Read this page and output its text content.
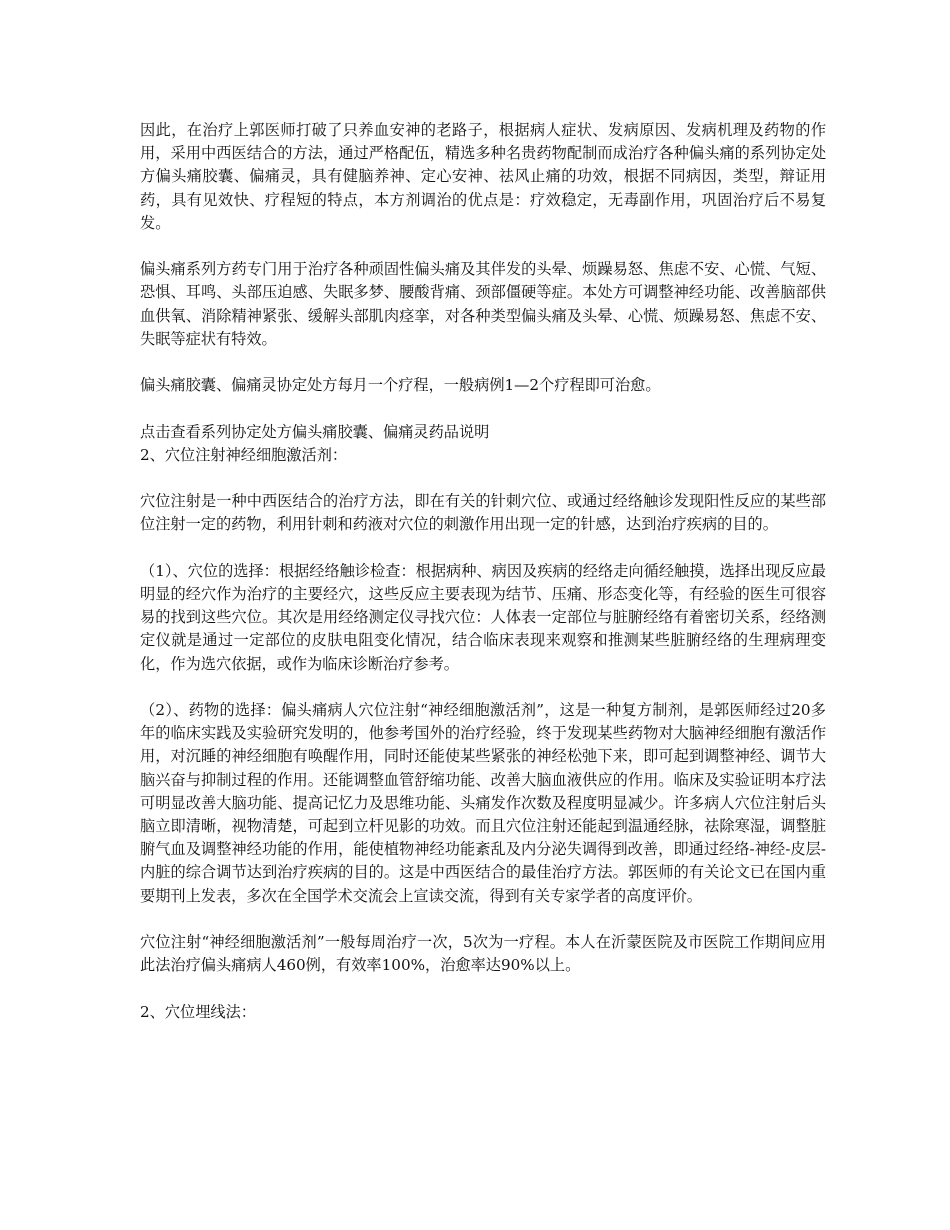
因此，在治疗上郭医师打破了只养血安神的老路子，根据病人症状、发病原因、发病机理及药物的作用，采用中西医结合的方法，通过严格配伍，精选多种名贵药物配制而成治疗各种偏头痛的系列协定处方偏头痛胶囊、偏痛灵，具有健脑养神、定心安神、祛风止痛的功效，根据不同病因，类型，辩证用药，具有见效快、疗程短的特点，本方剂调治的优点是：疗效稳定，无毒副作用，巩固治疗后不易复发。

偏头痛系列方药专门用于治疗各种顽固性偏头痛及其伴发的头晕、烦躁易怒、焦虑不安、心慌、气短、恐惧、耳鸣、头部压迫感、失眠多梦、腰酸背痛、颈部僵硬等症。本处方可调整神经功能、改善脑部供血供氧、消除精神紧张、缓解头部肌肉痉挛，对各种类型偏头痛及头晕、心慌、烦躁易怒、焦虑不安、失眠等症状有特效。

偏头痛胶囊、偏痛灵协定处方每月一个疗程，一般病例1—2个疗程即可治愈。

点击查看系列协定处方偏头痛胶囊、偏痛灵药品说明

2、穴位注射神经细胞激活剂：

穴位注射是一种中西医结合的治疗方法，即在有关的针刺穴位、或通过经络触诊发现阳性反应的某些部位注射一定的药物，利用针刺和药液对穴位的刺激作用出现一定的针感，达到治疗疾病的目的。

（1）、穴位的选择：根据经络触诊检查：根据病种、病因及疾病的经络走向循经触摸，选择出现反应最明显的经穴作为治疗的主要经穴，这些反应主要表现为结节、压痛、形态变化等，有经验的医生可很容易的找到这些穴位。其次是用经络测定仪寻找穴位：人体表一定部位与脏腑经络有着密切关系，经络测定仪就是通过一定部位的皮肤电阻变化情况，结合临床表现来观察和推测某些脏腑经络的生理病理变化，作为选穴依据，或作为临床诊断治疗参考。

（2）、药物的选择：偏头痛病人穴位注射“神经细胞激活剂”，这是一种复方制剂，是郭医师经过20多年的临床实践及实验研究发明的，他参考国外的治疗经验，终于发现某些药物对大脑神经细胞有激活作用，对沉睡的神经细胞有唤醒作用，同时还能使某些紧张的神经松弛下来，即可起到调整神经、调节大脑兴奋与抑制过程的作用。还能调整血管舒缩功能、改善大脑血液供应的作用。临床及实验证明本疗法可明显改善大脑功能、提高记忆力及思维功能、头痛发作次数及程度明显减少。许多病人穴位注射后头脑立即清晰，视物清楚，可起到立杆见影的功效。而且穴位注射还能起到温通经脉，祛除寒湿，调整脏腑气血及调整神经功能的作用，能使植物神经功能紊乱及内分泌失调得到改善，即通过经络-神经-皮层-内脏的综合调节达到治疗疾病的目的。这是中西医结合的最佳治疗方法。郭医师的有关论文已在国内重要期刊上发表，多次在全国学术交流会上宣读交流，得到有关专家学者的高度评价。

穴位注射“神经细胞激活剂”一般每周治疗一次，5次为一疗程。本人在沂蒙医院及市医院工作期间应用此法治疗偏头痛病人460例，有效率100%，治愈率达90%以上。

2、穴位埋线法：
